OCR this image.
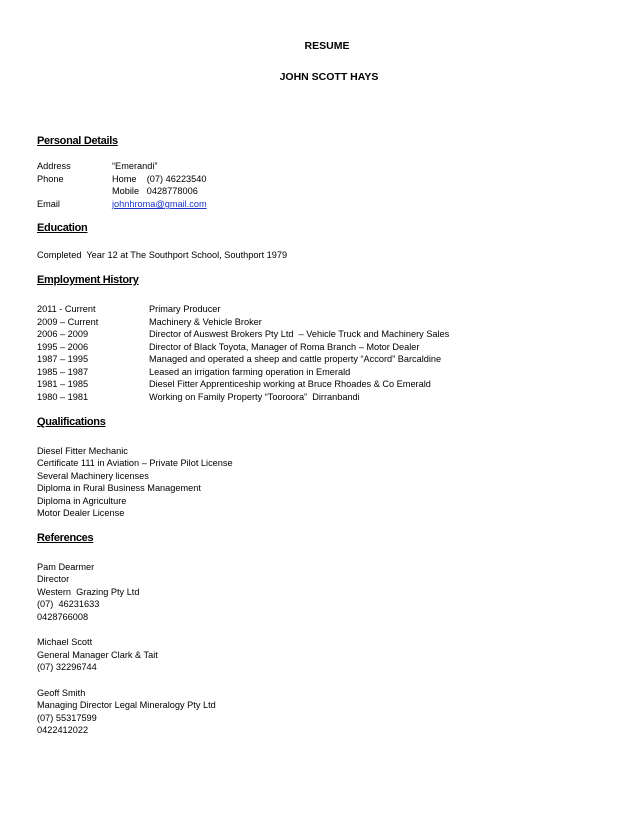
RESUME
JOHN SCOTT HAYS
Personal Details
Address	“Emerandi”
Phone	Home    (07) 46223540
Mobile   0428778006
Email	johnhroma@gmail.com
Education
Completed  Year 12 at The Southport School, Southport 1979
Employment History
2011 - Current	Primary Producer
2009 – Current	Machinery & Vehicle Broker
2006 – 2009	Director of Auswest Brokers Pty Ltd  – Vehicle Truck and Machinery Sales
1995 – 2006	Director of Black Toyota, Manager of Roma Branch – Motor Dealer
1987 – 1995	Managed and operated a sheep and cattle property “Accord” Barcaldine
1985 – 1987	Leased an irrigation farming operation in Emerald
1981 – 1985	Diesel Fitter Apprenticeship working at Bruce Rhoades & Co Emerald
1980 – 1981	Working on Family Property “Tooroora”  Dirranbandi
Qualifications
Diesel Fitter Mechanic
Certificate 111 in Aviation – Private Pilot License
Several Machinery licenses
Diploma in Rural Business Management
Diploma in Agriculture
Motor Dealer License
References
Pam Dearmer
Director
Western  Grazing Pty Ltd
(07)  46231633
0428766008
Michael Scott
General Manager Clark & Tait
(07) 32296744
Geoff Smith
Managing Director Legal Mineralogy Pty Ltd
(07) 55317599
0422412022
